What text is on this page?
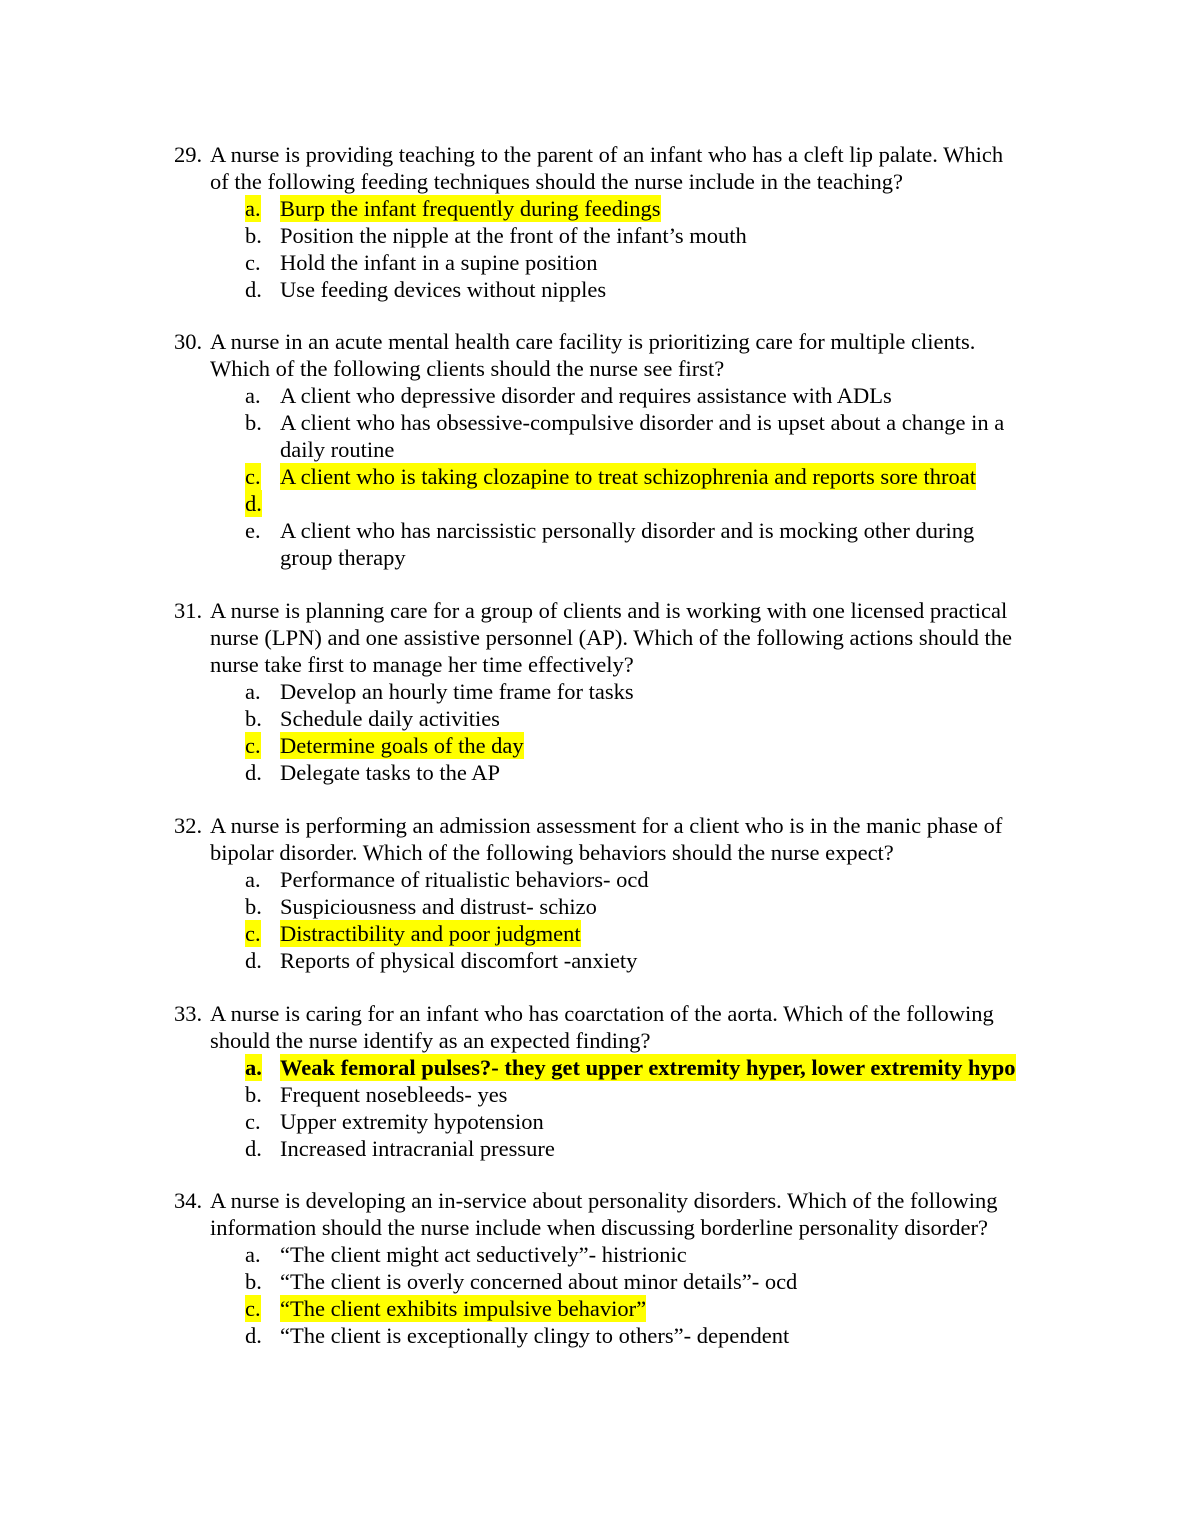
29. A nurse is providing teaching to the parent of an infant who has a cleft lip palate. Which
of the following feeding techniques should the nurse include in the teaching?
a. Burp the infant frequently during feedings
b. Position the nipple at the front of the infant’s mouth
c. Hold the infant in a supine position
d. Use feeding devices without nipples
30. A nurse in an acute mental health care facility is prioritizing care for multiple clients.
Which of the following clients should the nurse see first?
a. A client who depressive disorder and requires assistance with ADLs
b. A client who has obsessive-compulsive disorder and is upset about a change in a
daily routine
c. A client who is taking clozapine to treat schizophrenia and reports sore throat
d.
e. A client who has narcissistic personally disorder and is mocking other during
group therapy
31. A nurse is planning care for a group of clients and is working with one licensed practical
nurse (LPN) and one assistive personnel (AP). Which of the following actions should the
nurse take first to manage her time effectively?
a. Develop an hourly time frame for tasks
b. Schedule daily activities
c. Determine goals of the day
d. Delegate tasks to the AP
32. A nurse is performing an admission assessment for a client who is in the manic phase of
bipolar disorder. Which of the following behaviors should the nurse expect?
a. Performance of ritualistic behaviors- ocd
b. Suspiciousness and distrust- schizo
c. Distractibility and poor judgment
d. Reports of physical discomfort -anxiety
33. A nurse is caring for an infant who has coarctation of the aorta. Which of the following
should the nurse identify as an expected finding?
a. Weak femoral pulses?- they get upper extremity hyper, lower extremity hypo
b. Frequent nosebleeds- yes
c. Upper extremity hypotension
d. Increased intracranial pressure
34. A nurse is developing an in-service about personality disorders. Which of the following
information should the nurse include when discussing borderline personality disorder?
a. “The client might act seductively”- histrionic
b. “The client is overly concerned about minor details”- ocd
c. “The client exhibits impulsive behavior”
d. “The client is exceptionally clingy to others”- dependent
